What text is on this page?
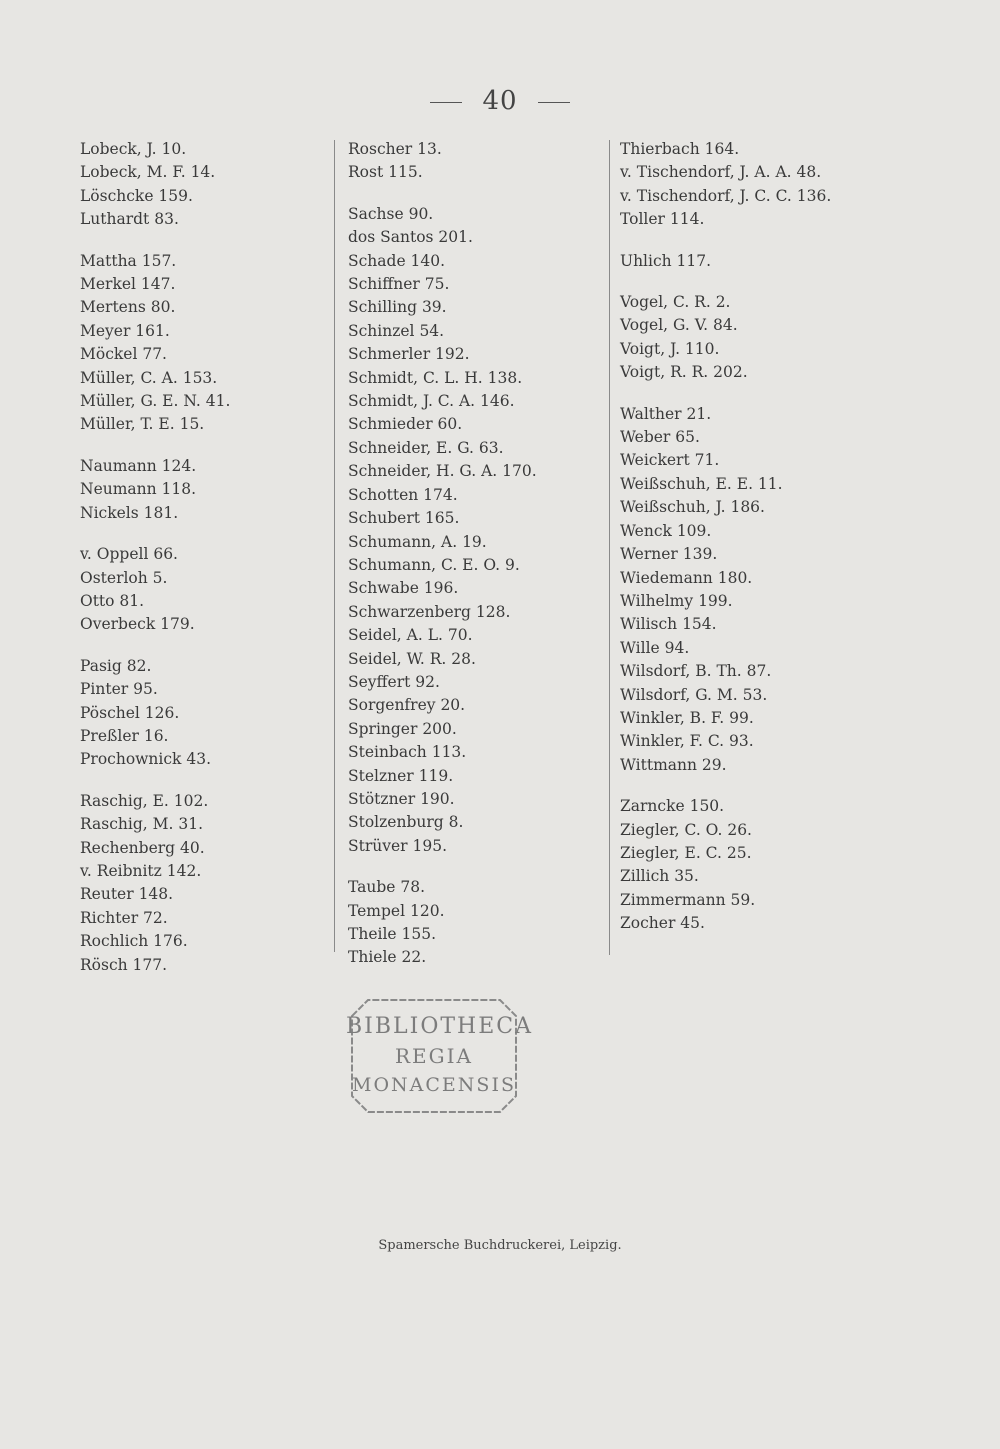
40
Lobeck, J. 10.
Lobeck, M. F. 14.
Löschcke 159.
Luthardt 83.
Mattha 157.
Merkel 147.
Mertens 80.
Meyer 161.
Möckel 77.
Müller, C. A. 153.
Müller, G. E. N. 41.
Müller, T. E. 15.
Naumann 124.
Neumann 118.
Nickels 181.
v. Oppell 66.
Osterloh 5.
Otto 81.
Overbeck 179.
Pasig 82.
Pinter 95.
Pöschel 126.
Preßler 16.
Prochownick 43.
Raschig, E. 102.
Raschig, M. 31.
Rechenberg 40.
v. Reibnitz 142.
Reuter 148.
Richter 72.
Rochlich 176.
Rösch 177.
Roscher 13.
Rost 115.
Sachse 90.
dos Santos 201.
Schade 140.
Schiffner 75.
Schilling 39.
Schinzel 54.
Schmerler 192.
Schmidt, C. L. H. 138.
Schmidt, J. C. A. 146.
Schmieder 60.
Schneider, E. G. 63.
Schneider, H. G. A. 170.
Schotten 174.
Schubert 165.
Schumann, A. 19.
Schumann, C. E. O. 9.
Schwabe 196.
Schwarzenberg 128.
Seidel, A. L. 70.
Seidel, W. R. 28.
Seyffert 92.
Sorgenfrey 20.
Springer 200.
Steinbach 113.
Stelzner 119.
Stötzner 190.
Stolzenburg 8.
Strüver 195.
Taube 78.
Tempel 120.
Theile 155.
Thiele 22.
Thierbach 164.
v. Tischendorf, J. A. A. 48.
v. Tischendorf, J. C. C. 136.
Toller 114.
Uhlich 117.
Vogel, C. R. 2.
Vogel, G. V. 84.
Voigt, J. 110.
Voigt, R. R. 202.
Walther 21.
Weber 65.
Weickert 71.
Weißschuh, E. E. 11.
Weißschuh, J. 186.
Wenck 109.
Werner 139.
Wiedemann 180.
Wilhelmy 199.
Wilisch 154.
Wille 94.
Wilsdorf, B. Th. 87.
Wilsdorf, G. M. 53.
Winkler, B. F. 99.
Winkler, F. C. 93.
Wittmann 29.
Zarncke 150.
Ziegler, C. O. 26.
Ziegler, E. C. 25.
Zillich 35.
Zimmermann 59.
Zocher 45.
BIBLIOTHECA
REGIA
MONACENSIS
Spamersche Buchdruckerei, Leipzig.
